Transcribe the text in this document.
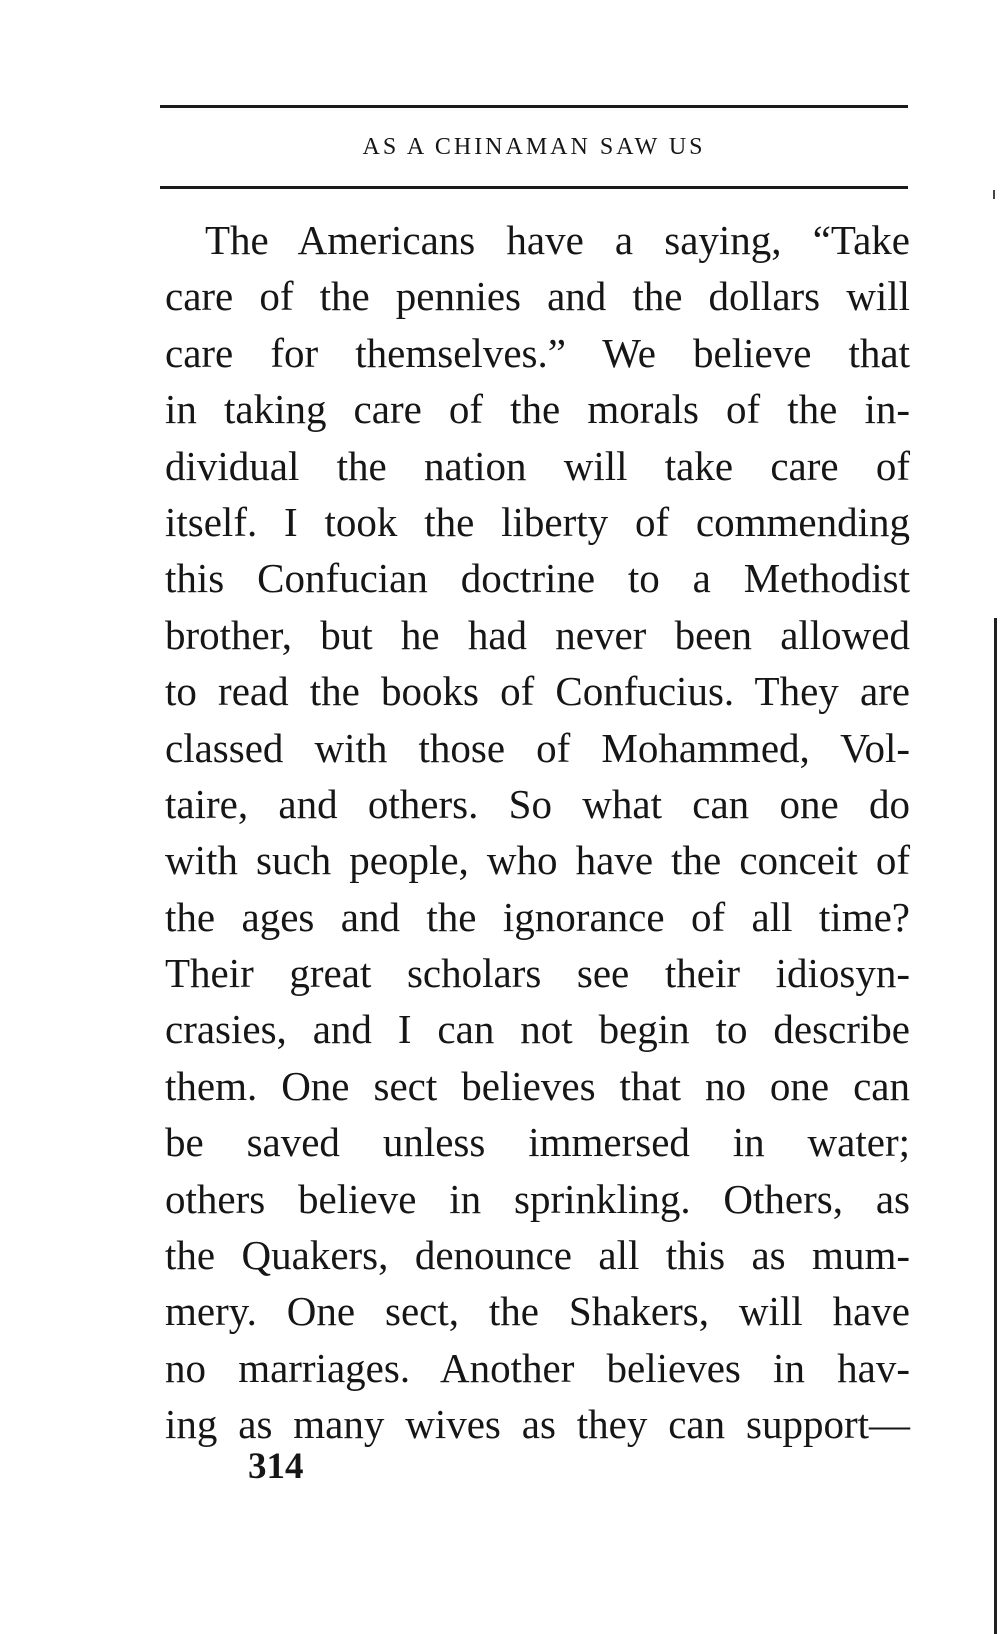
AS A CHINAMAN SAW US
The Americans have a saying, “Take
care of the pennies and the dollars will
care for themselves.” We believe that
in taking care of the morals of the in-
dividual the nation will take care of
itself. I took the liberty of commending
this Confucian doctrine to a Methodist
brother, but he had never been allowed
to read the books of Confucius. They are
classed with those of Mohammed, Vol-
taire, and others. So what can one do
with such people, who have the conceit of
the ages and the ignorance of all time?
Their great scholars see their idiosyn-
crasies, and I can not begin to describe
them. One sect believes that no one can
be saved unless immersed in water;
others believe in sprinkling. Others, as
the Quakers, denounce all this as mum-
mery. One sect, the Shakers, will have
no marriages. Another believes in hav-
ing as many wives as they can support—
314
